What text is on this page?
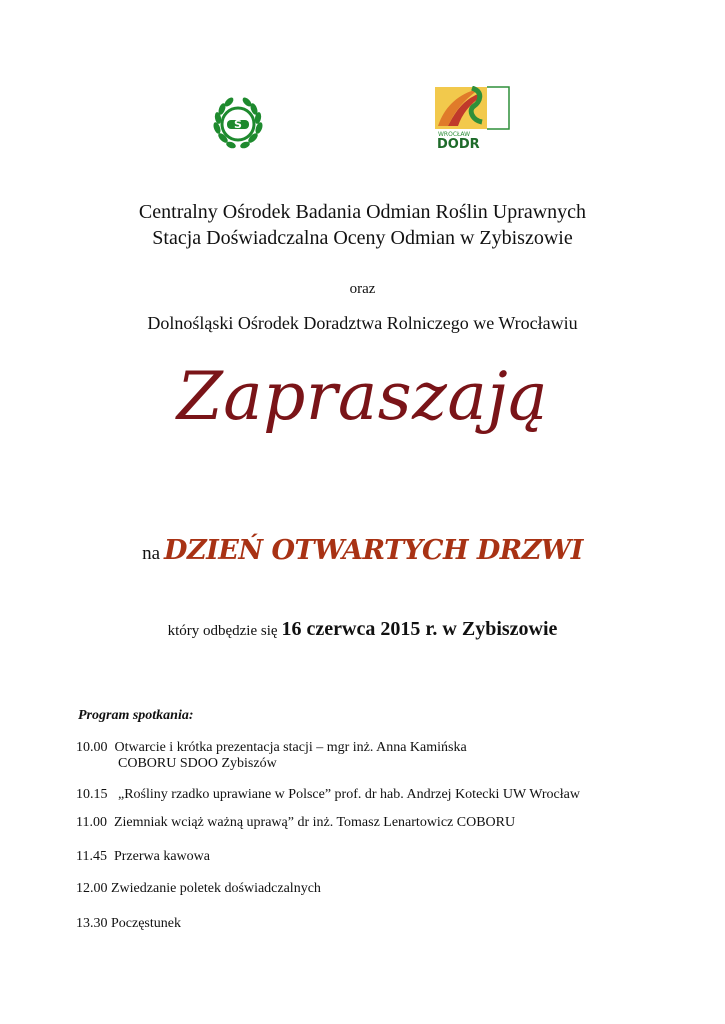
S
WROCŁAW
DODR
Centralny Ośrodek Badania Odmian Roślin Uprawnych
Stacja Doświadczalna Oceny Odmian w Zybiszowie
oraz
Dolnośląski Ośrodek Doradztwa Rolniczego we Wrocławiu
Zapraszają
na DZIEŃ OTWARTYCH DRZWI
który odbędzie się 16 czerwca 2015 r. w Zybiszowie
Program spotkania:
10.00 Otwarcie i krótka prezentacja stacji – mgr inż. Anna Kamińska
COBORU SDOO Zybiszów
10.15 „Rośliny rzadko uprawiane w Polsce” prof. dr hab. Andrzej Kotecki UW Wrocław
11.00 Ziemniak wciąż ważną uprawą” dr inż. Tomasz Lenartowicz COBORU
11.45 Przerwa kawowa
12.00 Zwiedzanie poletek doświadczalnych
13.30 Poczęstunek
